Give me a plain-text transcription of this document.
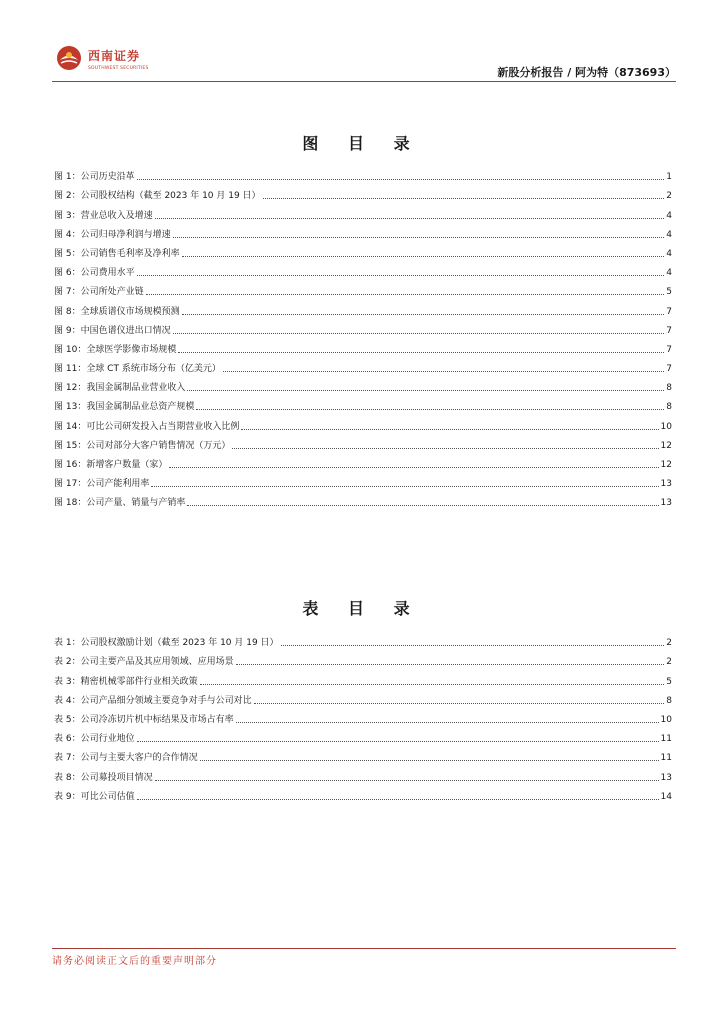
西南证券
SOUTHWEST SECURITIES	新股分析报告 / 阿为特（873693）
图 目 录
图 1：公司历史沿革	1
图 2：公司股权结构（截至 2023 年 10 月 19 日）	2
图 3：营业总收入及增速	4
图 4：公司归母净利润与增速	4
图 5：公司销售毛利率及净利率	4
图 6：公司费用水平	4
图 7：公司所处产业链	5
图 8：全球质谱仪市场规模预测	7
图 9：中国色谱仪进出口情况	7
图 10：全球医学影像市场规模	7
图 11：全球 CT 系统市场分布（亿美元）	7
图 12：我国金属制品业营业收入	8
图 13：我国金属制品业总资产规模	8
图 14：可比公司研发投入占当期营业收入比例	10
图 15：公司对部分大客户销售情况（万元）	12
图 16：新增客户数量（家）	12
图 17：公司产能利用率	13
图 18：公司产量、销量与产销率	13
表 目 录
表 1：公司股权激励计划（截至 2023 年 10 月 19 日）	2
表 2：公司主要产品及其应用领域、应用场景	2
表 3：精密机械零部件行业相关政策	5
表 4：公司产品细分领域主要竞争对手与公司对比	8
表 5：公司冷冻切片机中标结果及市场占有率	10
表 6：公司行业地位	11
表 7：公司与主要大客户的合作情况	11
表 8：公司募投项目情况	13
表 9：可比公司估值	14
请务必阅读正文后的重要声明部分
